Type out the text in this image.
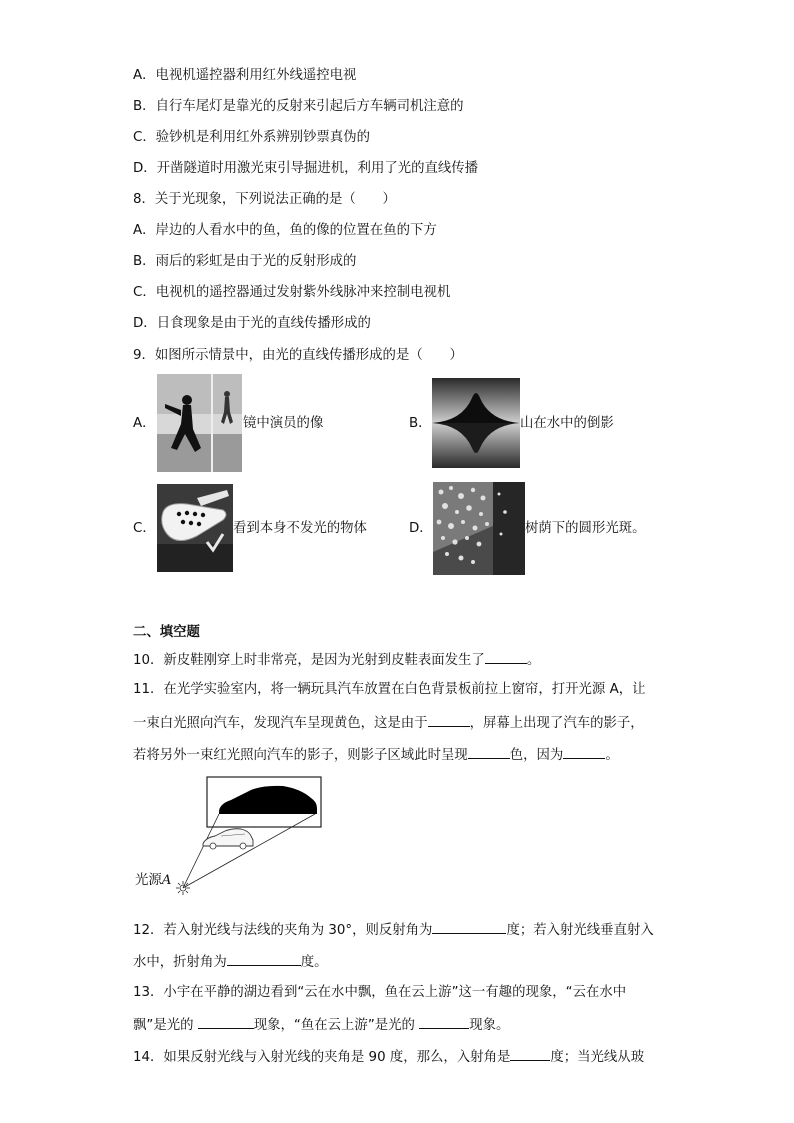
A．电视机遥控器利用红外线遥控电视
B．自行车尾灯是靠光的反射来引起后方车辆司机注意的
C．验钞机是利用红外系辨别钞票真伪的
D．开凿隧道时用激光束引导掘进机，利用了光的直线传播
8．关于光现象，下列说法正确的是（　　）
A．岸边的人看水中的鱼，鱼的像的位置在鱼的下方
B．雨后的彩虹是由于光的反射形成的
C．电视机的遥控器通过发射紫外线脉冲来控制电视机
D．日食现象是由于光的直线传播形成的
9．如图所示情景中，由光的直线传播形成的是（　　）
A．	镜中演员的像	B．	山在水中的倒影
C．	看到本身不发光的物体	D．	树荫下的圆形光斑。
二、填空题
10．新皮鞋刚穿上时非常亮，是因为光射到皮鞋表面发生了	。
11．在光学实验室内，将一辆玩具汽车放置在白色背景板前拉上窗帘，打开光源 A，让
一束白光照向汽车，发现汽车呈现黄色，这是由于	，屏幕上出现了汽车的影子，
若将另外一束红光照向汽车的影子，则影子区域此时呈现	色，因为	。
光源A
12．若入射光线与法线的夹角为 30°，则反射角为	度；若入射光线垂直射入
水中，折射角为	度。
13．小宇在平静的湖边看到“云在水中飘，鱼在云上游”这一有趣的现象，“云在水中
飘”是光的	现象，“鱼在云上游”是光的	现象。
14．如果反射光线与入射光线的夹角是 90 度，那么，入射角是	度；当光线从玻
